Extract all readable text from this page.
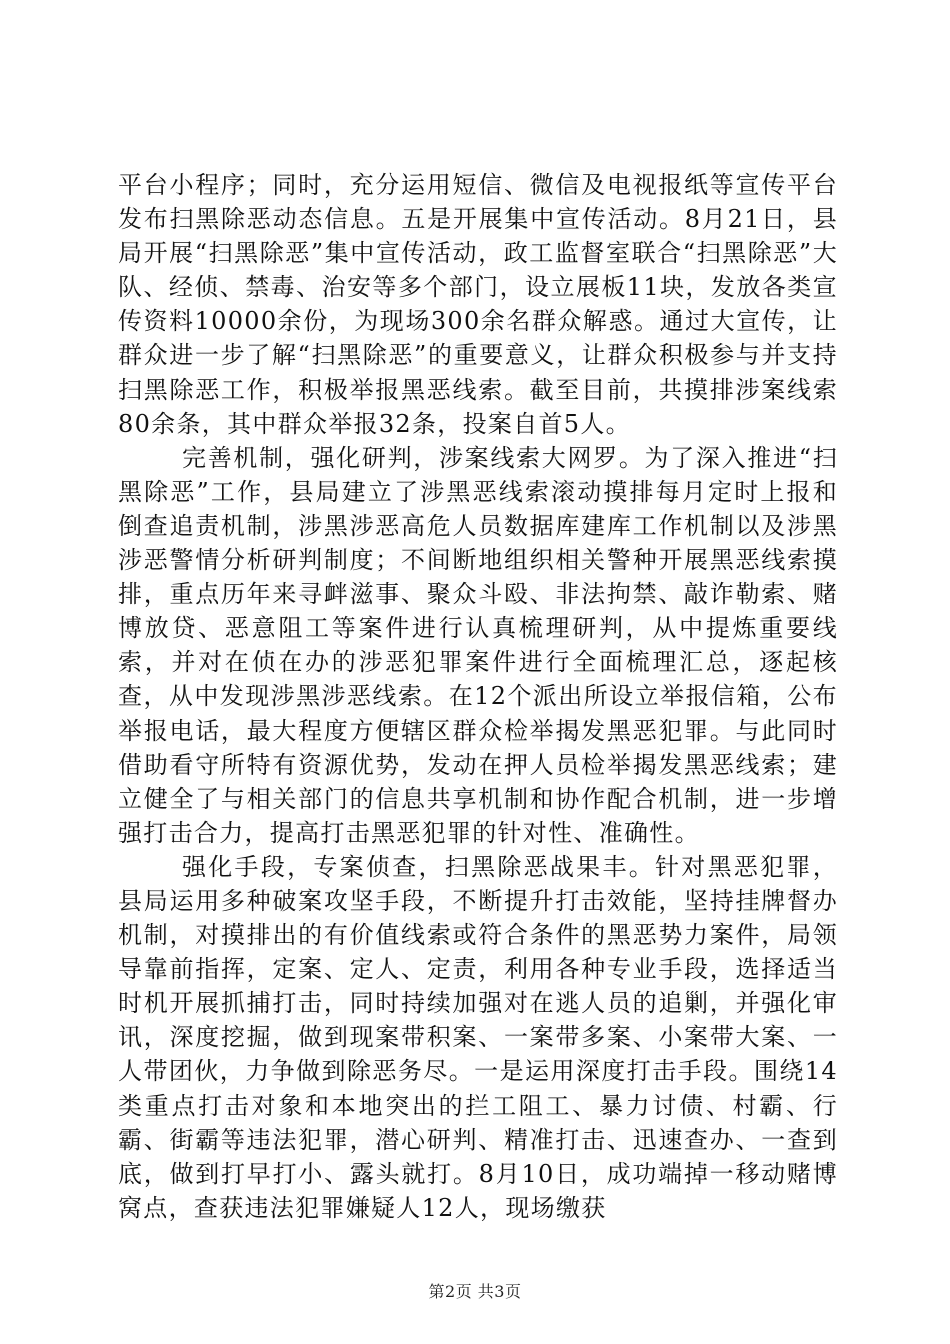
平台小程序；同时，充分运用短信、微信及电视报纸等宣传平台发布扫黑除恶动态信息。五是开展集中宣传活动。8月21日，县局开展“扫黑除恶”集中宣传活动，政工监督室联合“扫黑除恶”大队、经侦、禁毒、治安等多个部门，设立展板11块，发放各类宣传资料10000余份，为现场300余名群众解惑。通过大宣传，让群众进一步了解“扫黑除恶”的重要意义，让群众积极参与并支持扫黑除恶工作，积极举报黑恶线索。截至目前，共摸排涉案线索80余条，其中群众举报32条，投案自首5人。

完善机制，强化研判，涉案线索大网罗。为了深入推进“扫黑除恶”工作，县局建立了涉黑恶线索滚动摸排每月定时上报和倒查追责机制，涉黑涉恶高危人员数据库建库工作机制以及涉黑涉恶警情分析研判制度；不间断地组织相关警种开展黑恶线索摸排，重点历年来寻衅滋事、聚众斗殴、非法拘禁、敲诈勒索、赌博放贷、恶意阻工等案件进行认真梳理研判，从中提炼重要线索，并对在侦在办的涉恶犯罪案件进行全面梳理汇总，逐起核查，从中发现涉黑涉恶线索。在12个派出所设立举报信箱，公布举报电话，最大程度方便辖区群众检举揭发黑恶犯罪。与此同时借助看守所特有资源优势，发动在押人员检举揭发黑恶线索；建立健全了与相关部门的信息共享机制和协作配合机制，进一步增强打击合力，提高打击黑恶犯罪的针对性、准确性。

强化手段，专案侦查，扫黑除恶战果丰。针对黑恶犯罪，县局运用多种破案攻坚手段，不断提升打击效能，坚持挂牌督办机制，对摸排出的有价值线索或符合条件的黑恶势力案件，局领导靠前指挥，定案、定人、定责，利用各种专业手段，选择适当时机开展抓捕打击，同时持续加强对在逃人员的追剿，并强化审讯，深度挖掘，做到现案带积案、一案带多案、小案带大案、一人带团伙，力争做到除恶务尽。一是运用深度打击手段。围绕14类重点打击对象和本地突出的拦工阻工、暴力讨债、村霸、行霸、街霸等违法犯罪，潜心研判、精准打击、迅速查办、一查到底，做到打早打小、露头就打。8月10日，成功端掉一移动赌博窝点，查获违法犯罪嫌疑人12人，现场缴获

第2页 共3页
